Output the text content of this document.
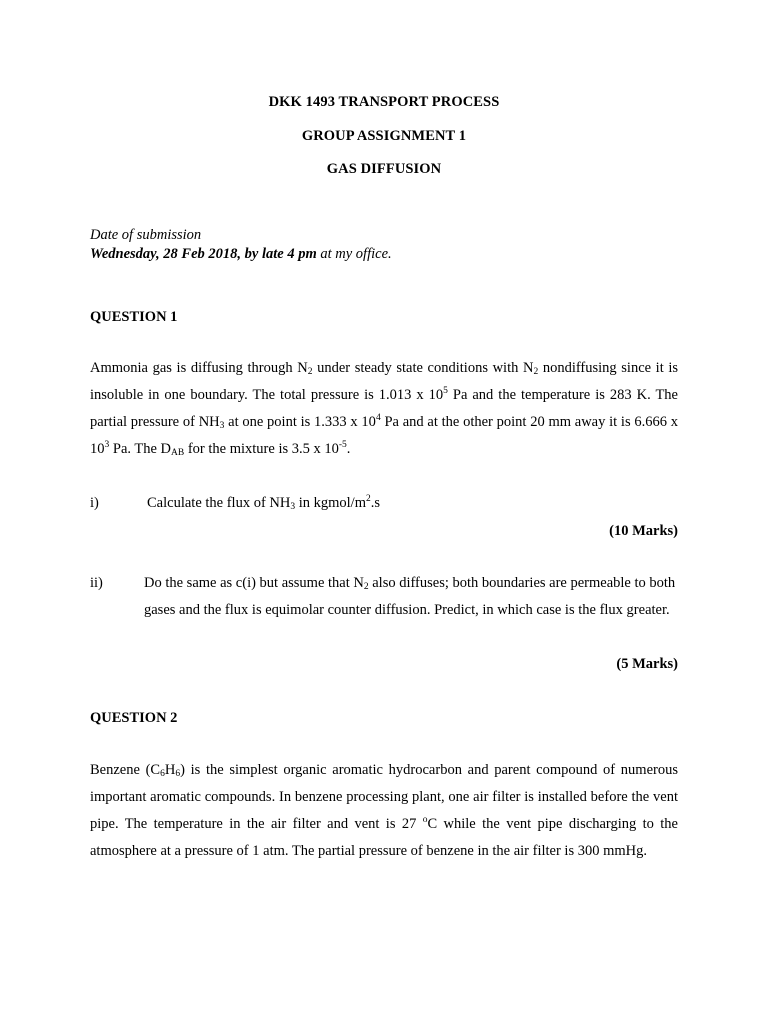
DKK 1493 TRANSPORT PROCESS
GROUP ASSIGNMENT 1
GAS DIFFUSION
Date of submission
Wednesday, 28 Feb 2018, by late 4 pm at my office.
QUESTION 1
Ammonia gas is diffusing through $N_2$ under steady state conditions with $N_2$ nondiffusing since it is insoluble in one boundary. The total pressure is 1.013 x $10^5$ Pa and the temperature is 283 K. The partial pressure of $NH_3$ at one point is 1.333 x $10^4$ Pa and at the other point 20 mm away it is 6.666 x $10^3$ Pa. The $D_{AB}$ for the mixture is 3.5 x $10^{-5}$.
i)	Calculate the flux of $NH_3$ in kgmol/$m^2.s$
(10 Marks)
ii)	Do the same as c(i) but assume that $N_2$ also diffuses; both boundaries are permeable to both gases and the flux is equimolar counter diffusion. Predict, in which case is the flux greater.
(5 Marks)
QUESTION 2
Benzene $(C_6H_6)$ is the simplest organic aromatic hydrocarbon and parent compound of numerous important aromatic compounds. In benzene processing plant, one air filter is installed before the vent pipe. The temperature in the air filter and vent is 27 $^o$C while the vent pipe discharging to the atmosphere at a pressure of 1 atm. The partial pressure of benzene in the air filter is 300 mmHg.
